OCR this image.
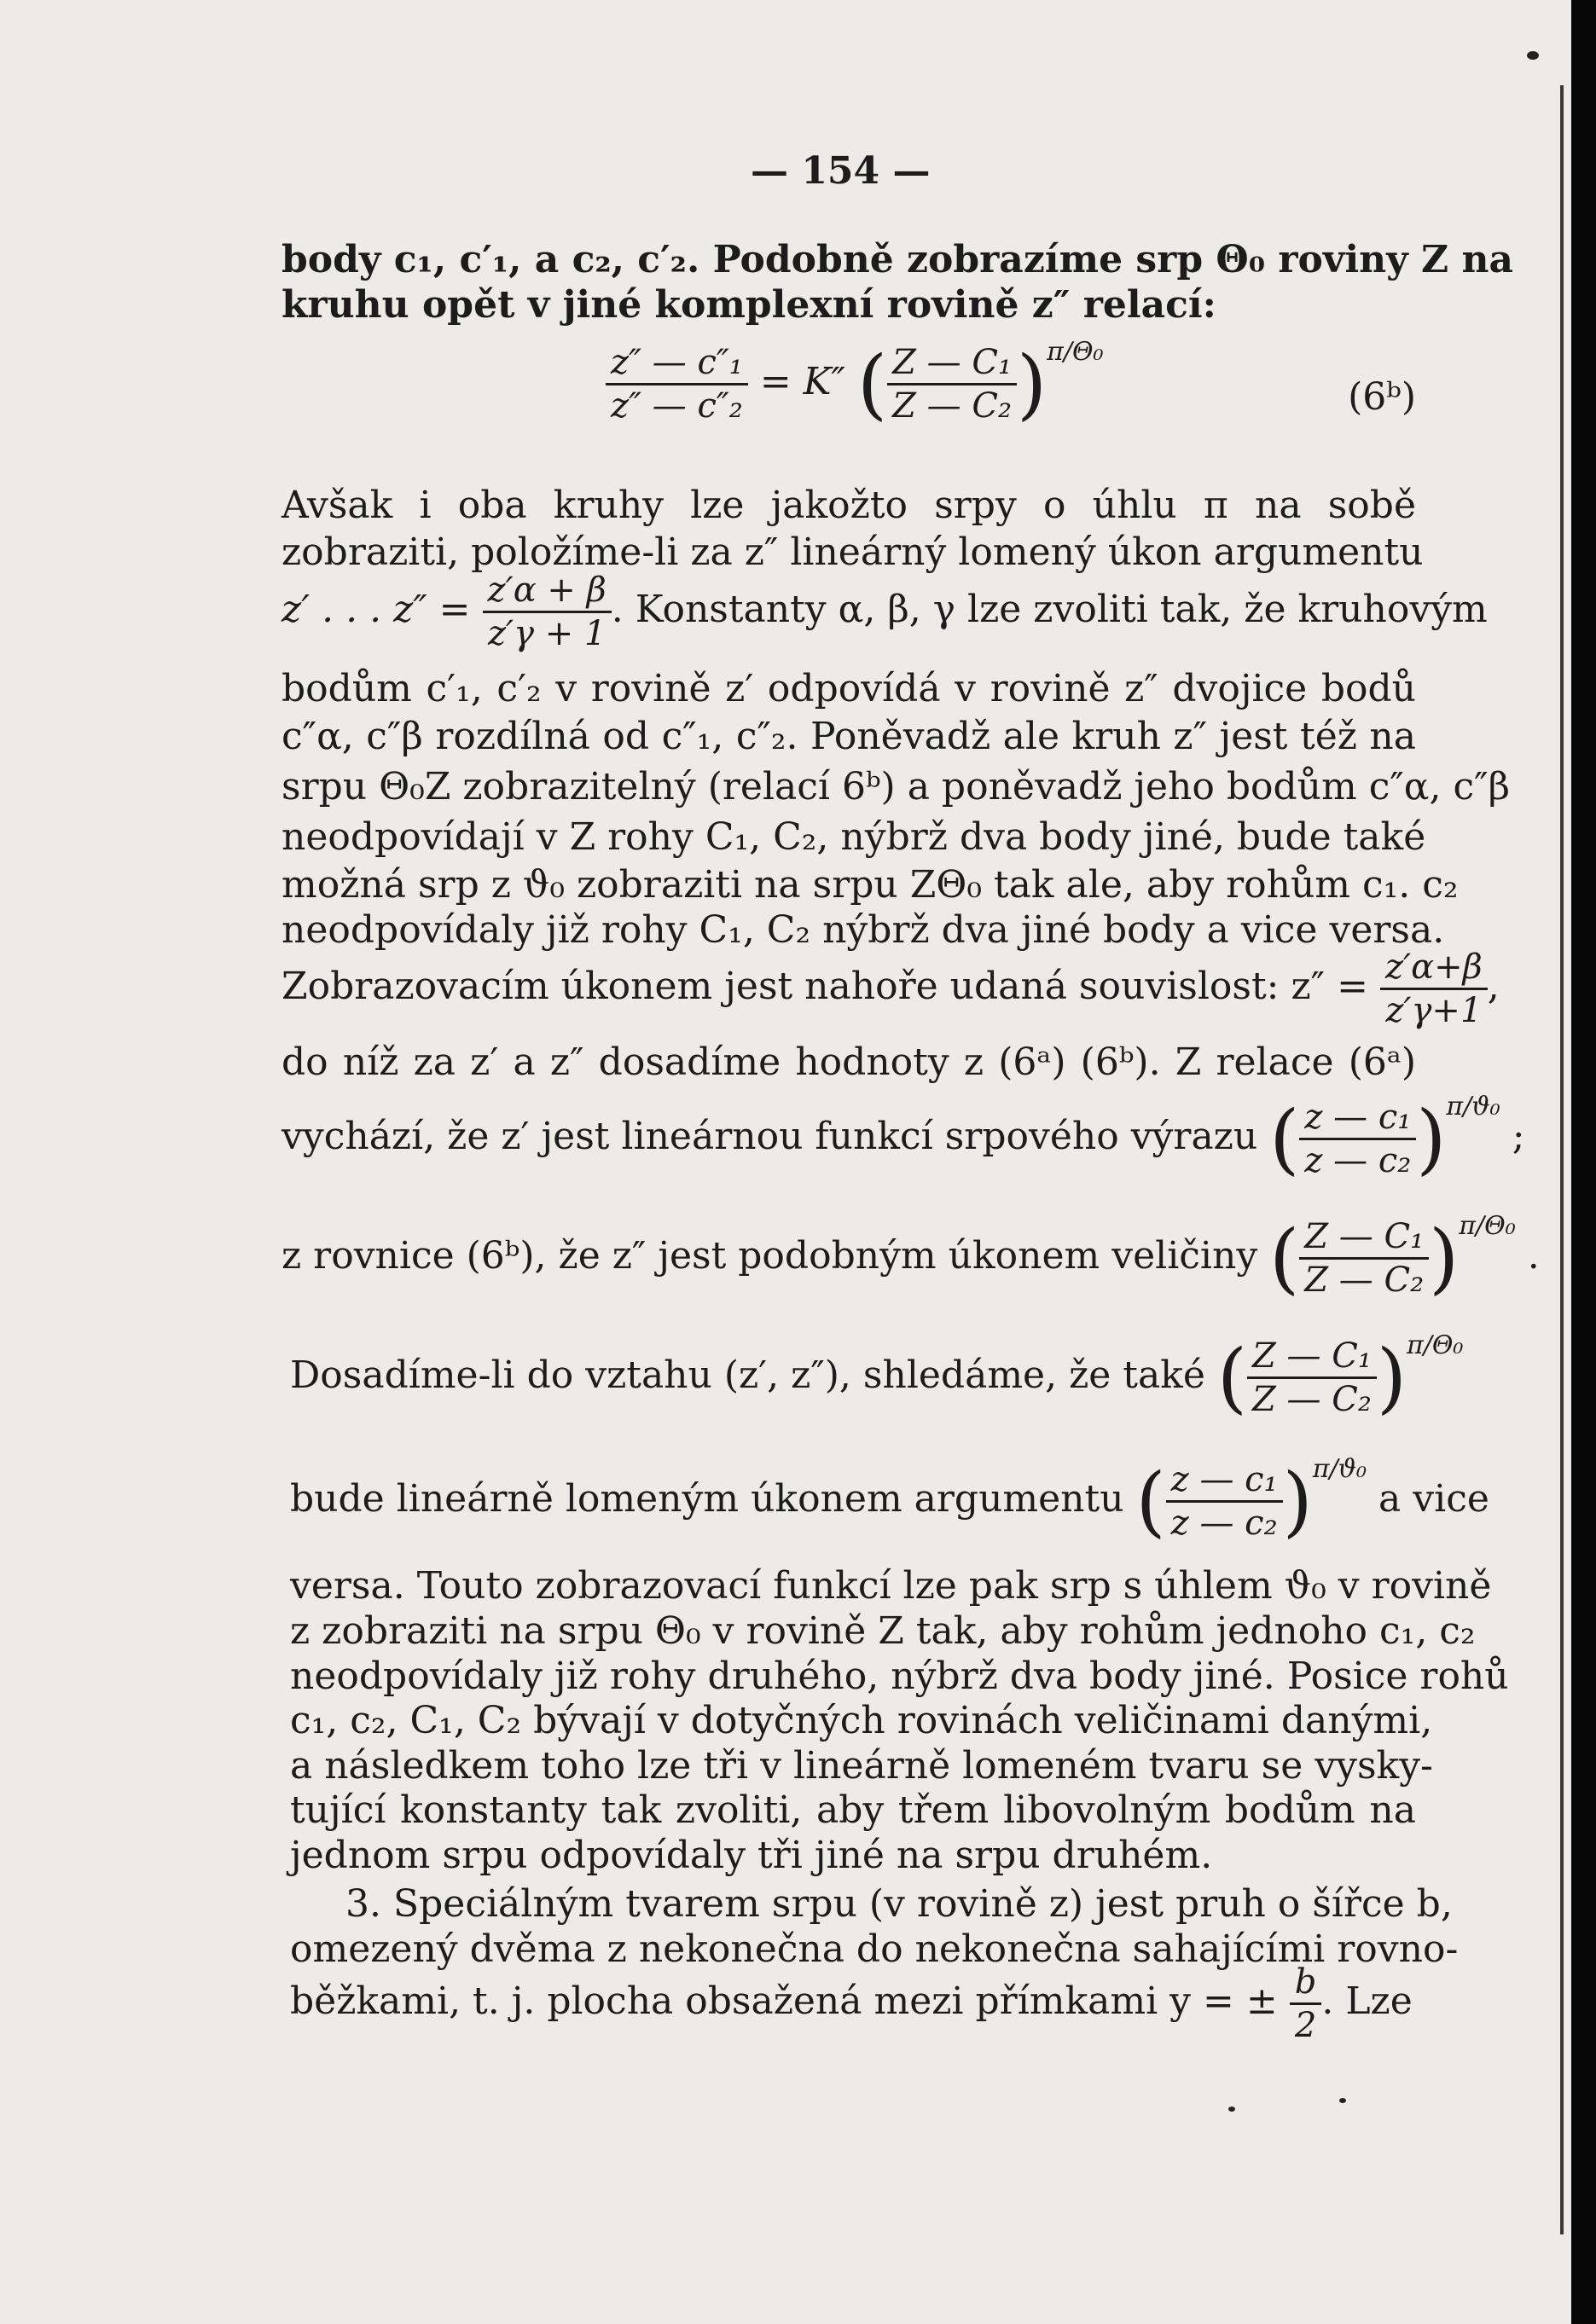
— 154 —
body c₁, c′₁, a c₂, c′₂. Podobně zobrazíme srp Θ₀ roviny Z na
kruhu opět v jiné komplexní rovině z″ relací:
$\frac{\text{z″ — c″₁}}{\text{z″ — c″₂}} = K''$ ( $\frac{\text{Z — C₁}}{\text{Z — C₂}} )^{\pi/\Theta_0}$
(6ᵇ)
Avšak i oba kruhy lze jakožto srpy o úhlu π na sobě
zobraziti, položíme-li za z″ lineárný lomený úkon argumentu
z′ . . . $z'' = \frac{z'\alpha + \beta}{z'\gamma + 1}$ . Konstanty α, β, γ lze zvoliti tak, že kruhovým
bodům c′₁, c′₂ v rovině z′ odpovídá v rovině z″ dvojice bodů
c″α, c″β rozdílná od c″₁, c″₂. Poněvadž ale kruh z″ jest též na
srpu Θ₀Z zobrazitelný (relací 6ᵇ) a poněvadž jeho bodům c″α, c″β
neodpovídají v Z rohy C₁, C₂, nýbrž dva body jiné, bude také
možná srp z ϑ₀ zobraziti na srpu ZΘ₀ tak ale, aby rohům c₁. c₂
neodpovídaly již rohy C₁, C₂ nýbrž dva jiné body a vice versa.
Zobrazovacím úkonem jest nahoře udaná souvislost: $z'' = \frac{z'\alpha+\beta}{z'\gamma+1}$ ,
do níž za z′ a z″ dosadíme hodnoty z (6ᵃ) (6ᵇ). Z relace (6ᵃ)
vychází, že z′ jest lineárnou funkcí srpového výrazu ( $\frac{\text{z — c₁}}{\text{z — c₂}} )^{\pi/ϑ_0}$ ;
z rovnice (6ᵇ), že z″ jest podobným úkonem veličiny ( $\frac{\text{Z — C₁}}{\text{Z — C₂}} )^{\pi/\Theta_0}$ .
Dosadíme-li do vztahu (z′, z″), shledáme, že také ( $\frac{\text{Z — C₁}}{\text{Z — C₂}} )^{\pi/\Theta_0}$
bude lineárně lomeným úkonem argumentu ( $\frac{\text{z — c₁}}{\text{z — c₂}} )^{\pi/ϑ_0}$ a vice
versa. Touto zobrazovací funkcí lze pak srp s úhlem ϑ₀ v rovině
z zobraziti na srpu Θ₀ v rovině Z tak, aby rohům jednoho c₁, c₂
neodpovídaly již rohy druhého, nýbrž dva body jiné. Posice rohů
c₁, c₂, C₁, C₂ bývají v dotyčných rovinách veličinami danými,
a následkem toho lze tři v lineárně lomeném tvaru se vysky-
tující konstanty tak zvoliti, aby třem libovolným bodům na
jednom srpu odpovídaly tři jiné na srpu druhém.
3. Speciálným tvarem srpu (v rovině z) jest pruh o šířce b,
omezený dvěma z nekonečna do nekonečna sahajícími rovno-
běžkami, t. j. plocha obsažená mezi přímkami y = ± $\frac{b}{2}$ . Lze
